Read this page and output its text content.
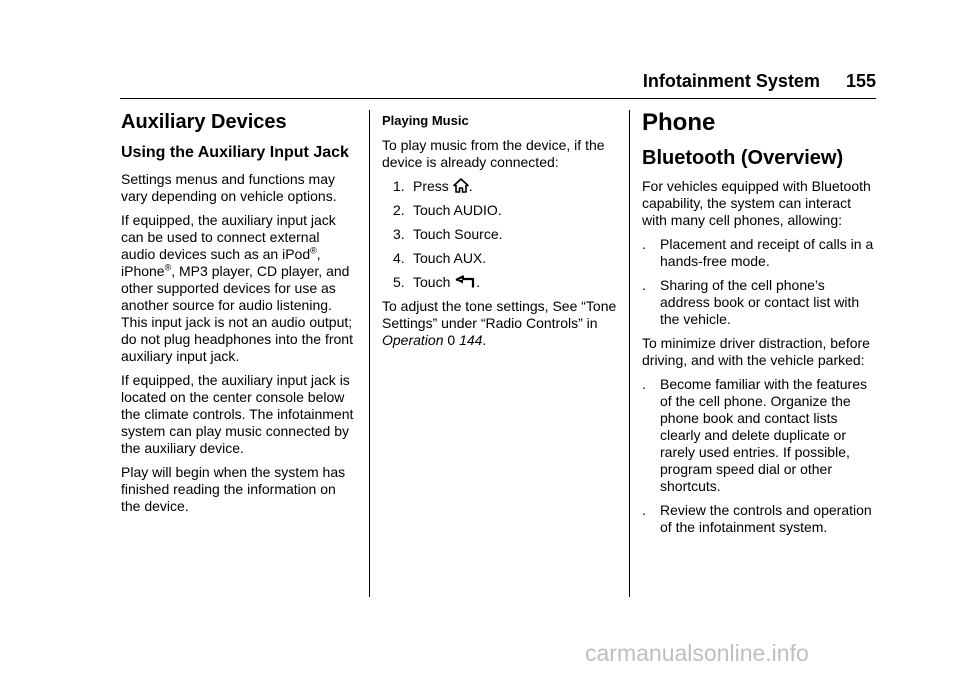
Infotainment System 155
Auxiliary Devices
Using the Auxiliary Input Jack

Settings menus and functions may vary depending on vehicle options.

If equipped, the auxiliary input jack can be used to connect external audio devices such as an iPod®, iPhone®, MP3 player, CD player, and other supported devices for use as another source for audio listening. This input jack is not an audio output; do not plug headphones into the front auxiliary input jack.

If equipped, the auxiliary input jack is located on the center console below the climate controls. The infotainment system can play music connected by the auxiliary device.

Play will begin when the system has finished reading the information on the device.

Playing Music

To play music from the device, if the device is already connected:

1. Press .
2. Touch AUDIO.
3. Touch Source.
4. Touch AUX.
5. Touch .

To adjust the tone settings, See “Tone Settings” under “Radio Controls” in Operation 0 144.

Phone
Bluetooth (Overview)

For vehicles equipped with Bluetooth capability, the system can interact with many cell phones, allowing:

.	Placement and receipt of calls in a hands-free mode.
.	Sharing of the cell phone’s address book or contact list with the vehicle.

To minimize driver distraction, before driving, and with the vehicle parked:

.	Become familiar with the features of the cell phone. Organize the phone book and contact lists clearly and delete duplicate or rarely used entries. If possible, program speed dial or other shortcuts.
.	Review the controls and operation of the infotainment system.
carmanualsonline.info
